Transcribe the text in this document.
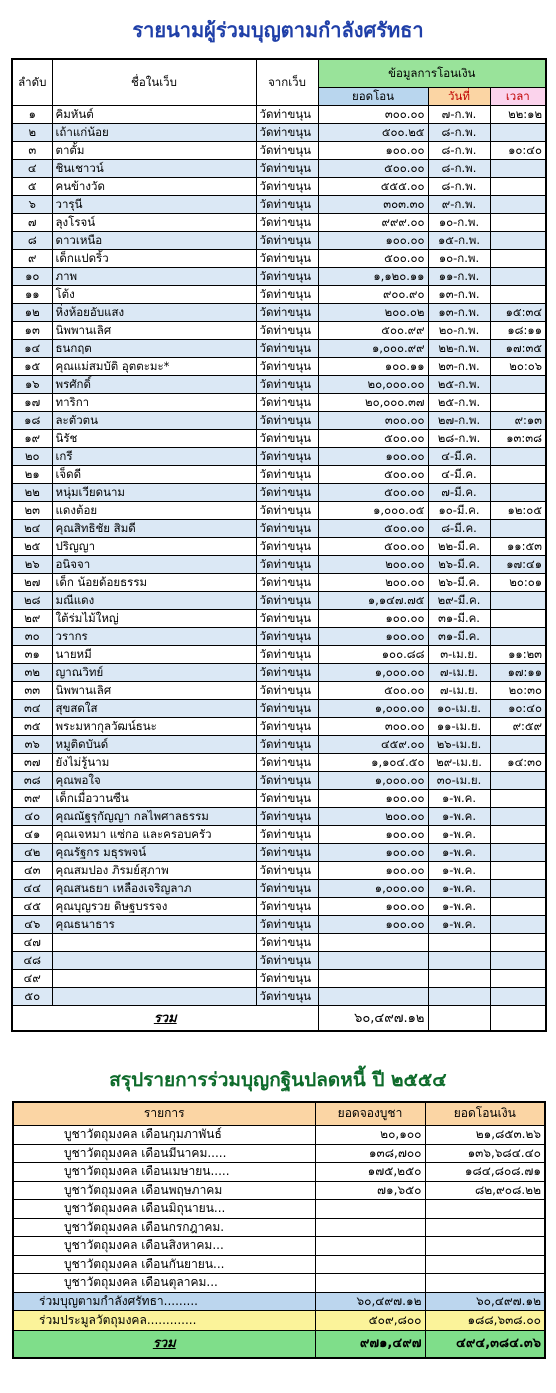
รายนามผู้ร่วมบุญตามกำลังศรัทธา
ลำดับ	ชื่อในเว็บ	จากเว็บ	ข้อมูลการโอนเงิน		
			ยอดโอน	วันที่	เวลา
๑	คิมหันต์	วัดท่าขนุน	๓๐๐.๐๐	๗-ก.พ.	๒๒:๑๒
๒	เถ้าแก่น้อย	วัดท่าขนุน	๕๐๐.๒๕	๘-ก.พ.	
๓	ตาตั้ม	วัดท่าขนุน	๑๐๐.๐๐	๘-ก.พ.	๑๐:๔๐
๔	ชินเชาวน์	วัดท่าขนุน	๕๐๐.๐๐	๘-ก.พ.	
๕	คนข้างวัด	วัดท่าขนุน	๕๕๕.๐๐	๘-ก.พ.	
๖	วารุนี	วัดท่าขนุน	๓๐๓.๓๐	๙-ก.พ.	
๗	ลุงโรจน์	วัดท่าขนุน	๙๙๙.๐๐	๑๐-ก.พ.	
๘	ดาวเหนือ	วัดท่าขนุน	๑๐๐.๐๐	๑๕-ก.พ.	
๙	เด็กแปดริ้ว	วัดท่าขนุน	๕๐๐.๐๐	๑๐-ก.พ.	
๑๐	ภาพ	วัดท่าขนุน	๑,๑๒๐.๑๑	๑๑-ก.พ.	
๑๑	โต้ง	วัดท่าขนุน	๙๐๐.๙๐	๑๓-ก.พ.	
๑๒	หิ่งห้อยอับแสง	วัดท่าขนุน	๒๐๐.๐๒	๑๓-ก.พ.	๑๕:๓๔
๑๓	นิพพานเลิศ	วัดท่าขนุน	๕๐๐.๙๙	๒๐-ก.พ.	๑๘:๑๑
๑๔	ธนกฤต	วัดท่าขนุน	๑,๐๐๐.๙๙	๒๒-ก.พ.	๑๗:๓๕
๑๕	คุณแม่สมบัติ อุตตะมะ*	วัดท่าขนุน	๑๐๐.๑๑	๒๓-ก.พ.	๒๐:๐๖
๑๖	พรศักดิ์	วัดท่าขนุน	๒๐,๐๐๐.๐๐	๒๕-ก.พ.	
๑๗	ทาริกา	วัดท่าขนุน	๒๐,๐๐๐.๓๗	๒๕-ก.พ.	
๑๘	ละตัวตน	วัดท่าขนุน	๓๐๐.๐๐	๒๗-ก.พ.	๙:๑๓
๑๙	นิรัช	วัดท่าขนุน	๕๐๐.๐๐	๒๘-ก.พ.	๑๓:๓๘
๒๐	เกรี	วัดท่าขนุน	๑๐๐.๐๐	๔-มี.ค.	
๒๑	เจ็ดดี	วัดท่าขนุน	๕๐๐.๐๐	๔-มี.ค.	
๒๒	หนุ่มเวียดนาม	วัดท่าขนุน	๕๐๐.๐๐	๗-มี.ค.	
๒๓	แดงต้อย	วัดท่าขนุน	๑,๐๐๐.๐๕	๑๐-มี.ค.	๑๒:๐๕
๒๔	คุณสิทธิชัย สิมดี	วัดท่าขนุน	๕๐๐.๐๐	๘-มี.ค.	
๒๕	ปริญญา	วัดท่าขนุน	๕๐๐.๐๐	๒๒-มี.ค.	๑๑:๕๓
๒๖	อนิจจา	วัดท่าขนุน	๒๐๐.๐๐	๒๖-มี.ค.	๑๗:๔๑
๒๗	เด็ก น้อยด้อยธรรม	วัดท่าขนุน	๒๐๐.๐๐	๒๖-มี.ค.	๒๐:๐๑
๒๘	มณีแดง	วัดท่าขนุน	๑,๑๔๗.๗๕	๒๙-มี.ค.	
๒๙	ใต้ร่มไม้ใหญ่	วัดท่าขนุน	๑๐๐.๐๐	๓๑-มี.ค.	
๓๐	วรากร	วัดท่าขนุน	๑๐๐.๐๐	๓๑-มี.ค.	
๓๑	นายหมี	วัดท่าขนุน	๑๐๐.๘๘	๓-เม.ย.	๑๑:๒๓
๓๒	ญาณวิทย์	วัดท่าขนุน	๑,๐๐๐.๐๐	๗-เม.ย.	๑๗:๑๑
๓๓	นิพพานเลิศ	วัดท่าขนุน	๕๐๐.๐๐	๗-เม.ย.	๒๐:๓๐
๓๔	สุขสดใส	วัดท่าขนุน	๑,๐๐๐.๐๐	๑๐-เม.ย.	๑๐:๔๐
๓๕	พระมหากุลวัฒน์ธนะ	วัดท่าขนุน	๓๐๐.๐๐	๑๑-เม.ย.	๙:๕๙
๓๖	หมูติดบันด์	วัดท่าขนุน	๔๕๙.๐๐	๒๖-เม.ย.	
๓๗	ยังไม่รู้นาม	วัดท่าขนุน	๑,๑๐๔.๕๐	๒๙-เม.ย.	๑๔:๓๐
๓๘	คุณพอใจ	วัดท่าขนุน	๑,๐๐๐.๐๐	๓๐-เม.ย.	
๓๙	เด็กเมื่อวานซืน	วัดท่าขนุน	๑๐๐.๐๐	๑-พ.ค.	
๔๐	คุณณัฐรุกัญญา กลไพศาลธรรม	วัดท่าขนุน	๒๐๐.๐๐	๑-พ.ค.	
๔๑	คุณเจหมา แซ่กอ และครอบครัว	วัดท่าขนุน	๑๐๐.๐๐	๑-พ.ค.	
๔๒	คุณรัฐกร มธุรพจน์	วัดท่าขนุน	๑๐๐.๐๐	๑-พ.ค.	
๔๓	คุณสมปอง ภิรมย์สุภาพ	วัดท่าขนุน	๑๐๐.๐๐	๑-พ.ค.	
๔๔	คุณสนธยา เหลืองเจริญลาภ	วัดท่าขนุน	๑,๐๐๐.๐๐	๑-พ.ค.	
๔๕	คุณบุญรวย ดิษฐบรรจง	วัดท่าขนุน	๑๐๐.๐๐	๑-พ.ค.	
๔๖	คุณธนาธาร	วัดท่าขนุน	๑๐๐.๐๐	๑-พ.ค.	
๔๗		วัดท่าขนุน			
๔๘		วัดท่าขนุน			
๔๙		วัดท่าขนุน			
๕๐		วัดท่าขนุน			
รวม			๖๐,๔๙๗.๑๒		
สรุปรายการร่วมบุญกฐินปลดหนี้ ปี ๒๕๕๔
รายการ	ยอดจองบูชา	ยอดโอนเงิน
บูชาวัตถุมงคล เดือนกุมภาพันธ์	๒๐,๑๐๐	๒๑,๘๕๓.๒๖
บูชาวัตถุมงคล เดือนมีนาคม.....	๑๓๘,๗๐๐	๑๓๖,๖๘๔.๔๐
บูชาวัตถุมงคล เดือนเมษายน.....	๑๗๕,๒๕๐	๑๘๔,๘๐๘.๗๑
บูชาวัตถุมงคล เดือนพฤษภาคม	๗๑,๖๕๐	๘๒,๙๐๘.๒๒
บูชาวัตถุมงคล เดือนมิถุนายน...		
บูชาวัตถุมงคล เดือนกรกฎาคม.		
บูชาวัตถุมงคล เดือนสิงหาคม...		
บูชาวัตถุมงคล เดือนกันยายน...		
บูชาวัตถุมงคล เดือนตุลาคม...		
ร่วมบุญตามกำลังศรัทธา.........	๖๐,๔๙๗.๑๒	๖๐,๔๙๗.๑๒
ร่วมประมูลวัตถุมงคล.............	๕๐๙,๘๐๐	๑๘๘,๖๓๘.๐๐
รวม	๙๗๑,๔๙๗	๔๙๔,๓๘๔.๓๖
